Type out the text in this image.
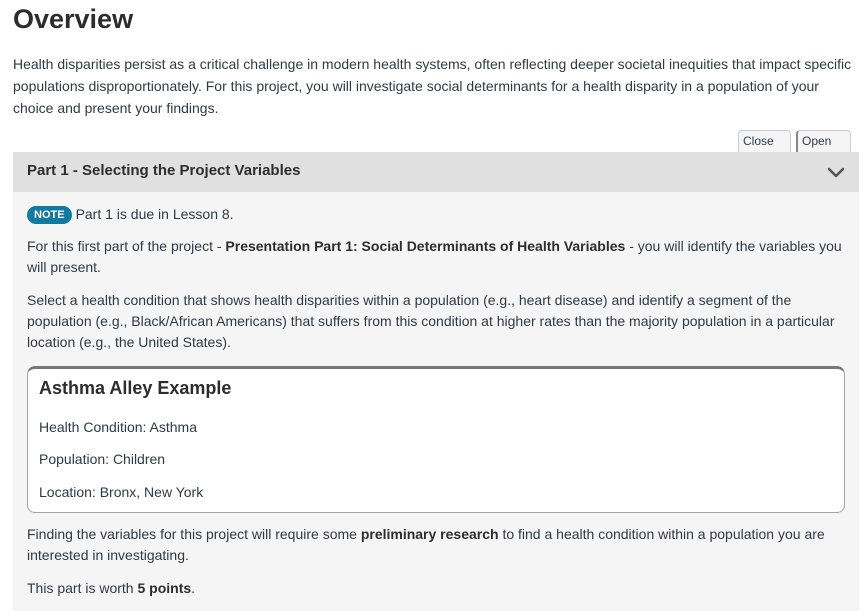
Overview

Health disparities persist as a critical challenge in modern health systems, often reflecting deeper societal inequities that impact specific populations disproportionately. For this project, you will investigate social determinants for a health disparity in a population of your choice and present your findings.

Close	Open
Part 1 - Selecting the Project Variables

NOTE Part 1 is due in Lesson 8.

For this first part of the project - Presentation Part 1: Social Determinants of Health Variables - you will identify the variables you will present.

Select a health condition that shows health disparities within a population (e.g., heart disease) and identify a segment of the population (e.g., Black/African Americans) that suffers from this condition at higher rates than the majority population in a particular location (e.g., the United States).

Asthma Alley Example
Health Condition: Asthma
Population: Children
Location: Bronx, New York

Finding the variables for this project will require some preliminary research to find a health condition within a population you are interested in investigating.

This part is worth 5 points.
